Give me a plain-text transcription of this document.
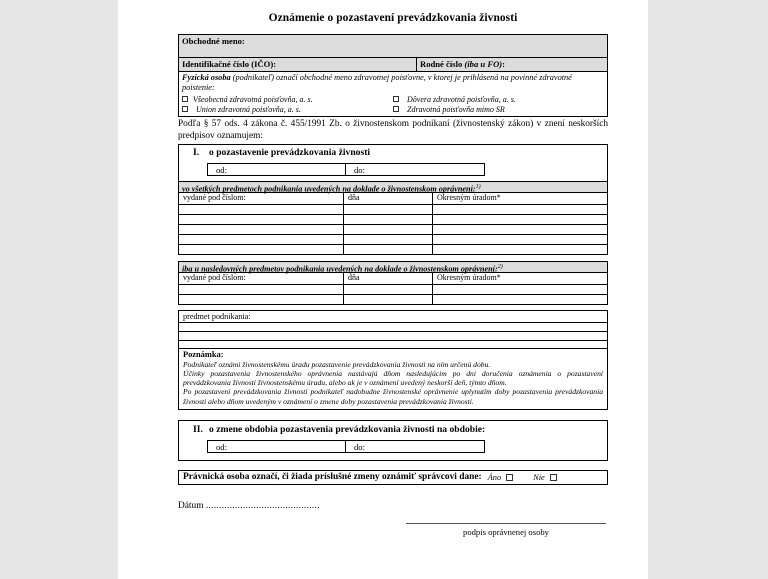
Oznámenie o pozastavení prevádzkovania živnosti
Obchodné meno:
Identifikačné číslo (IČO):	Rodné číslo (iba u FO):
Fyzická osoba (podnikateľ) označí obchodné meno zdravotnej poisťovne, v ktorej je prihlásená na povinné zdravotné poistenie:
Všeobecná zdravotná poisťovňa, a. s.
Union zdravotná poisťovňa, a. s.
Dôvera zdravotná poisťovňa, a. s.
Zdravotná poisťovňa mimo SR
Podľa § 57 ods. 4 zákona č. 455/1991 Zb. o živnostenskom podnikaní (živnostenský zákon) v znení neskorších predpisov oznamujem:
I. o pozastavenie prevádzkovania živnosti
od:	do:
vo všetkých predmetoch podnikania uvedených na doklade o živnostenskom oprávnení:$^{1)}$
vydané pod číslom:	dňa	Okresným úradom*

iba u nasledovných predmetov podnikania uvedených na doklade o živnostenskom oprávnení:$^{2)}$
vydané pod číslom:	dňa	Okresným úradom*

predmet podnikania:
Poznámka:
Podnikateľ oznámi živnostenskému úradu pozastavenie prevádzkovania živnosti na ním určenú dobu.
Účinky pozastavenia živnostenského oprávnenia nastávajú dňom nasledujúcim po dni doručenia oznámenia o pozastavení prevádzkovania živnosti živnostenskému úradu, alebo ak je v oznámení uvedený neskorší deň, týmto dňom.
Po pozastavení prevádzkovania živnosti podnikateľ nadobudne živnostenské oprávnenie uplynutím doby pozastavenia prevádzkovania živnosti alebo dňom uvedeným v oznámení o zmene doby pozastavenia prevádzkovania živnosti.
II. o zmene obdobia pozastavenia prevádzkovania živnosti na obdobie:
od:	do:
Právnická osoba označí, či žiada príslušné zmeny oznámiť správcovi dane: Áno	Nie
Dátum ...........................................
podpis oprávnenej osoby
